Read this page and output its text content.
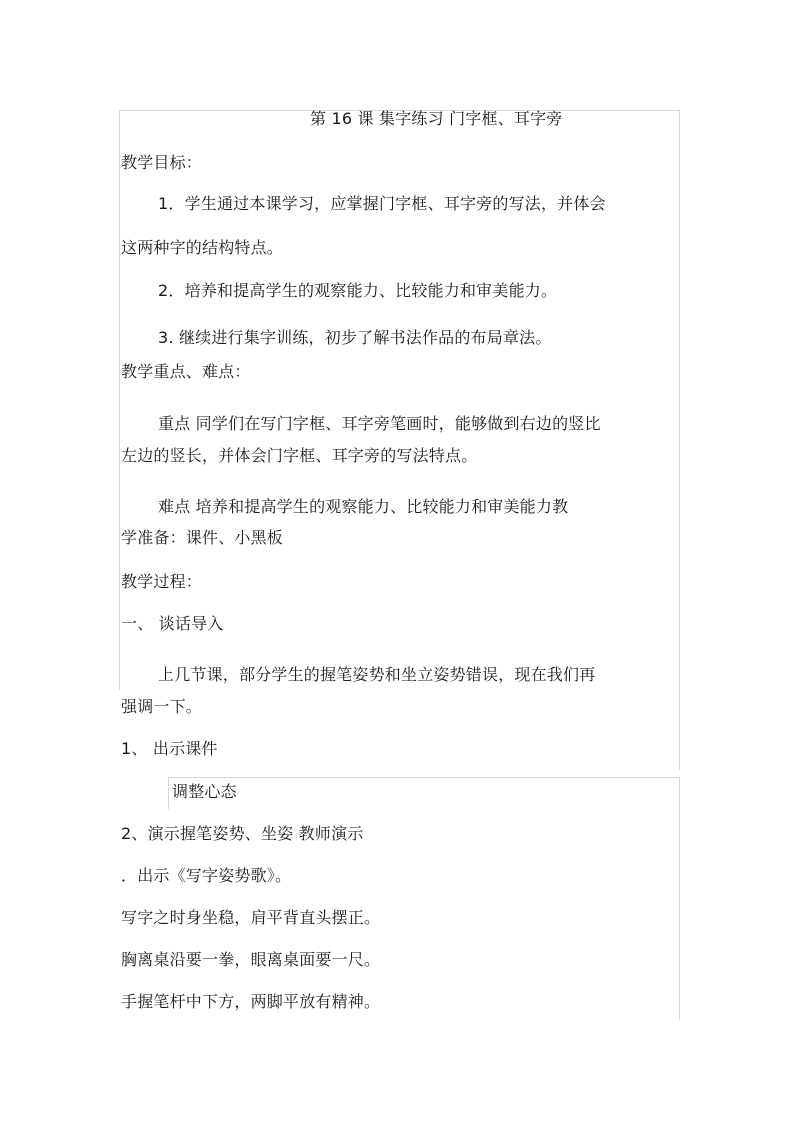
第 16 课 集字练习 门字框、耳字旁
教学目标：
1．学生通过本课学习，应掌握门字框、耳字旁的写法，并体会
这两种字的结构特点。
2．培养和提高学生的观察能力、比较能力和审美能力。
3. 继续进行集字训练，初步了解书法作品的布局章法。
教学重点、难点：
重点 同学们在写门字框、耳字旁笔画时，能够做到右边的竖比
左边的竖长，并体会门字框、耳字旁的写法特点。
难点 培养和提高学生的观察能力、比较能力和审美能力教
学准备：课件、小黑板
教学过程：
一、 谈话导入
上几节课，部分学生的握笔姿势和坐立姿势错误，现在我们再
强调一下。
1、 出示课件
调整心态
2、演示握笔姿势、坐姿 教师演示
．出示《写字姿势歌》。
写字之时身坐稳，肩平背直头摆正。
胸离桌沿要一拳，眼离桌面要一尺。
手握笔杆中下方，两脚平放有精神。
